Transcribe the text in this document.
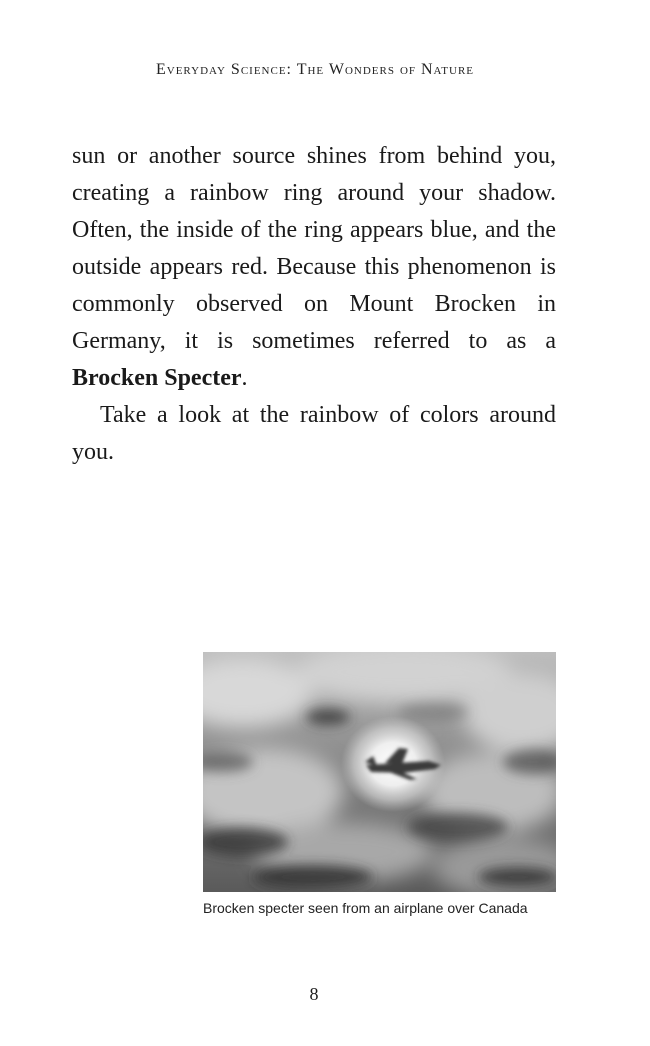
Everyday Science: The Wonders of Nature

sun or another source shines from behind you, creating a rainbow ring around your shadow. Often, the inside of the ring appears blue, and the outside appears red. Because this phenomenon is commonly observed on Mount Brocken in Germany, it is sometimes referred to as a Brocken Specter.

Take a look at the rainbow of colors around you.

Brocken specter seen from an airplane over Canada
8
